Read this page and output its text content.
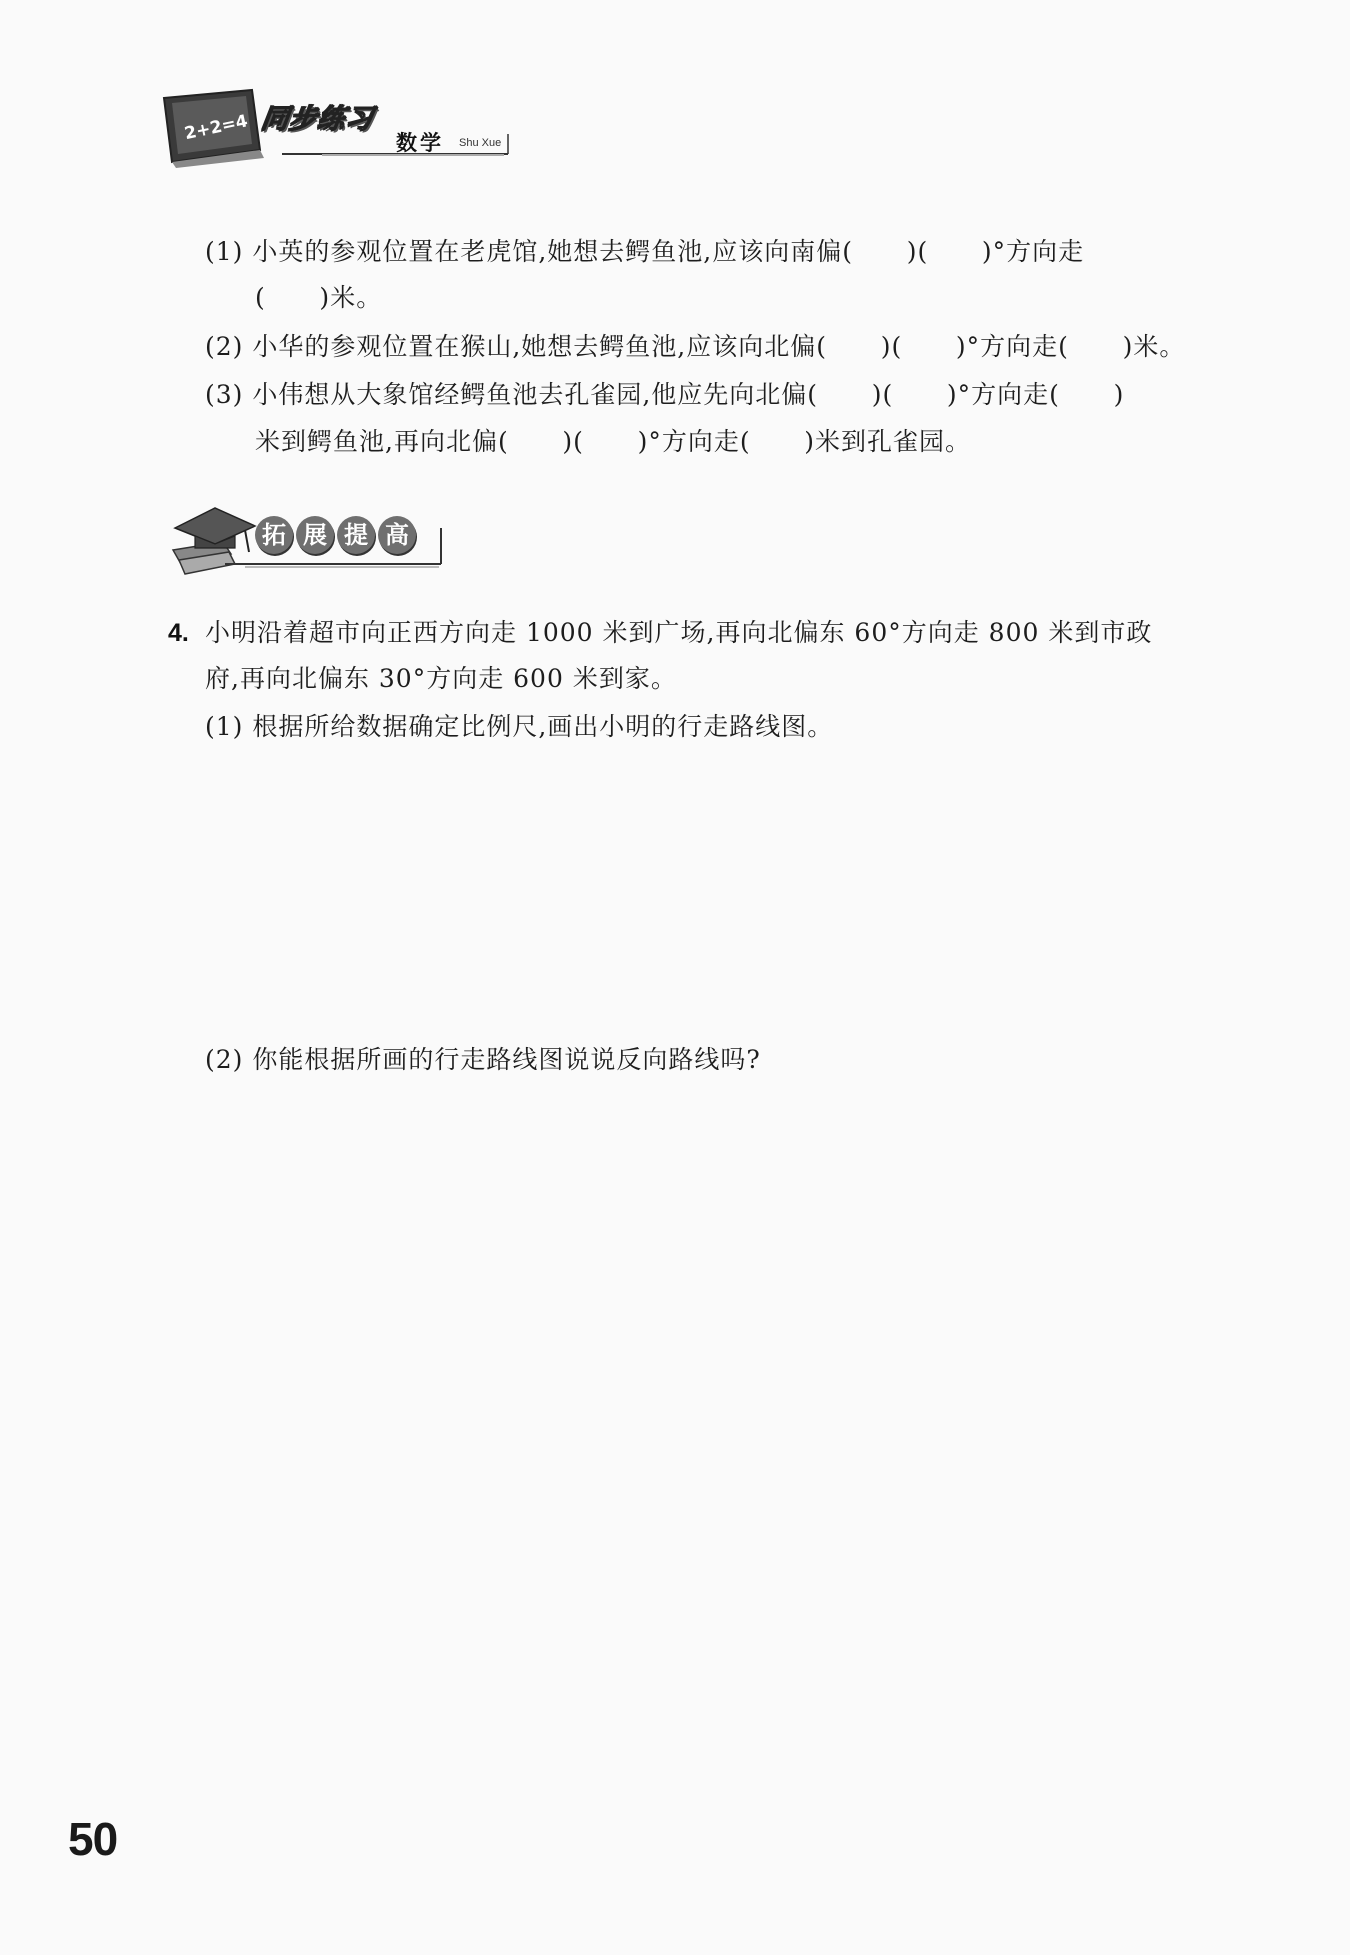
2+2=4 同步练习
数学 Shu Xue
(1) 小英的参观位置在老虎馆,她想去鳄鱼池,应该向南偏(      )(      )°方向走
(      )米。
(2) 小华的参观位置在猴山,她想去鳄鱼池,应该向北偏(      )(      )°方向走(      )米。
(3) 小伟想从大象馆经鳄鱼池去孔雀园,他应先向北偏(      )(      )°方向走(      )
米到鳄鱼池,再向北偏(      )(      )°方向走(      )米到孔雀园。
拓 展 提 高
4. 小明沿着超市向正西方向走 1000 米到广场,再向北偏东 60°方向走 800 米到市政
府,再向北偏东 30°方向走 600 米到家。
(1) 根据所给数据确定比例尺,画出小明的行走路线图。
(2) 你能根据所画的行走路线图说说反向路线吗?
50
